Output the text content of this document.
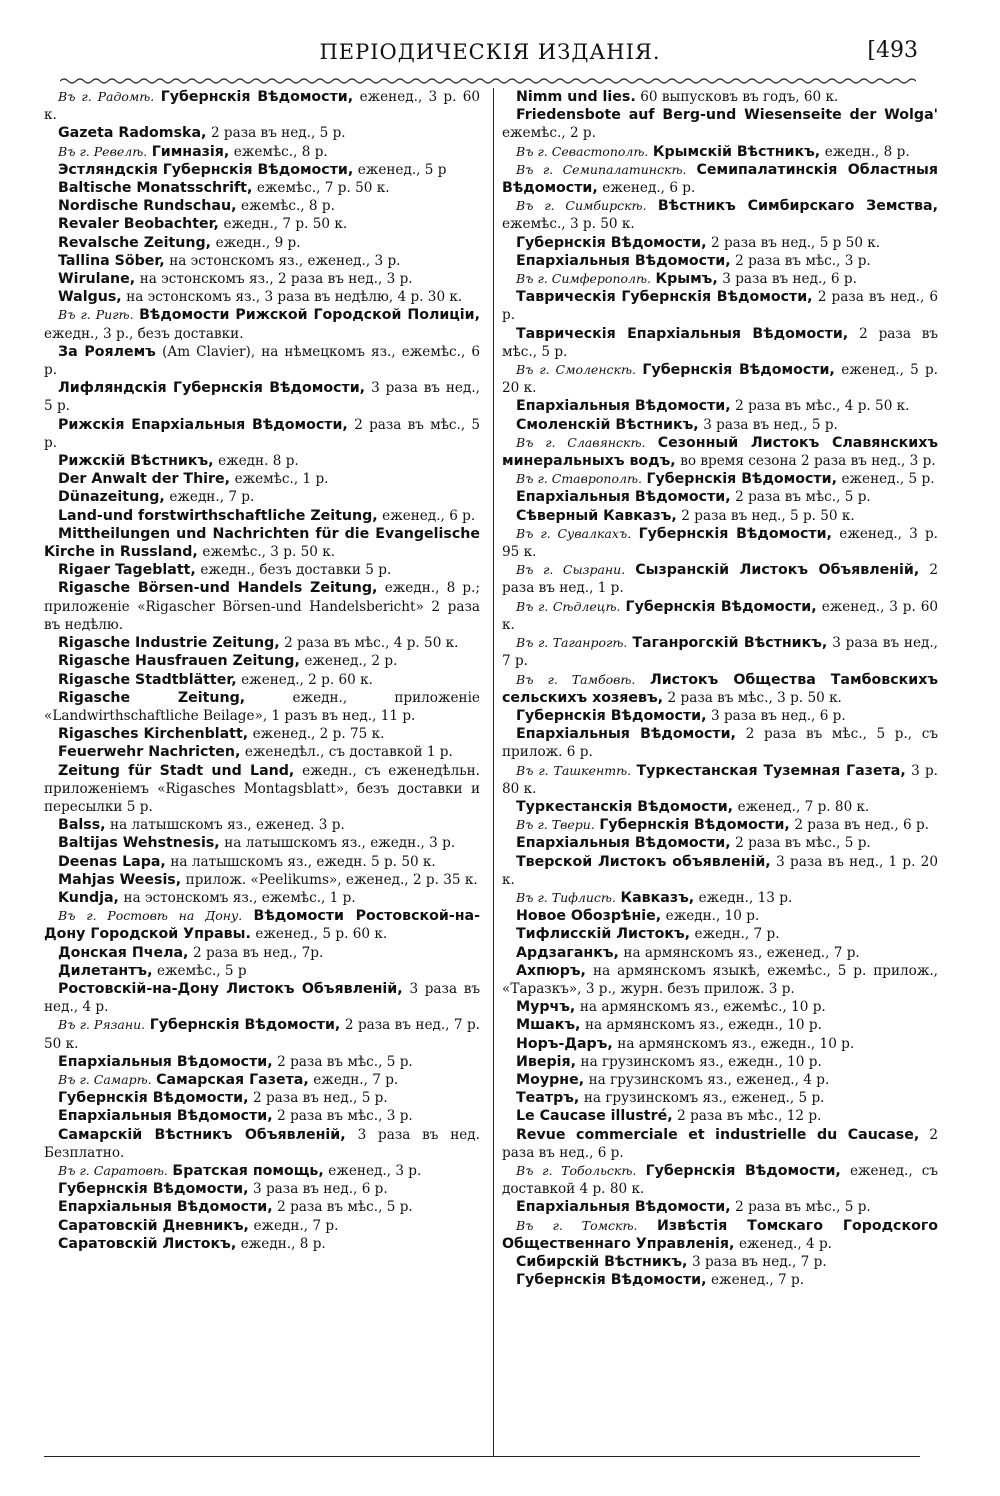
ПЕРІОДИЧЕСКІЯ ИЗДАНІЯ.	[493

Въ г. Радомѣ. Губернскія Вѣдомости, еженед., 3 р. 60 к.

Gazeta Radomska, 2 раза въ нед., 5 р.

Въ г. Ревелѣ. Гимназія, ежемѣс., 8 р.

Эстляндскія Губернскія Вѣдомости, еженед., 5 р

Baltische Monatsschrift, ежемѣс., 7 р. 50 к.

Nordische Rundschau, ежемѣс., 8 р.

Revaler Beobachter, ежедн., 7 р. 50 к.

Revalsche Zeitung, ежедн., 9 р.

Tallina Söber, на эстонскомъ яз., еженед., 3 р.

Wirulane, на эстонскомъ яз., 2 раза въ нед., 3 р.

Walgus, на эстонскомъ яз., 3 раза въ недѣлю, 4 р. 30 к.

Въ г. Ригѣ. Вѣдомости Рижской Городской Полиціи, ежедн., 3 р., безъ доставки.

За Роялемъ (Am Clavier), на нѣмецкомъ яз., ежемѣс., 6 р.

Лифляндскія Губернскія Вѣдомости, 3 раза въ нед., 5 р.

Рижскія Епархіальныя Вѣдомости, 2 раза въ мѣс., 5 р.

Рижскій Вѣстникъ, ежедн. 8 р.

Der Anwalt der Thire, ежемѣс., 1 р.

Dünazeitung, ежедн., 7 р.

Land-und forstwirthschaftliche Zeitung, еженед., 6 р.

Mittheilungen und Nachrichten für die Evangelische Kirche in Russland, ежемѣс., 3 р. 50 к.

Rigaer Tageblatt, ежедн., безъ доставки 5 р.

Rigasche Börsen-und Handels Zeitung, ежедн., 8 р.; приложеніе «Rigascher Börsen-und Handelsbericht» 2 раза въ недѣлю.

Rigasche Industrie Zeitung, 2 раза въ мѣс., 4 р. 50 к.

Rigasche Hausfrauen Zeitung, еженед., 2 р.

Rigasche Stadtblätter, еженед., 2 р. 60 к.

Rigasche Zeitung,	ежедн., приложеніе «Landwirthschaftliche Beilage», 1 разъ въ нед., 11 р.

Rigasches Kirchenblatt, еженед., 2 р. 75 к.

Feuerwehr Nachricten, еженедѣл., съ доставкой 1 р.

Zeitung für Stadt und Land, ежедн., съ еженедѣльн. приложеніемъ «Rigasches Montagsblatt», безъ доставки и пересылки 5 р.

Balss, на латышскомъ яз., еженед. 3 р.

Baltijas Wehstnesis, на латышскомъ яз., ежедн., 3 р.

Deenas Lapa, на латышскомъ яз., ежедн. 5 р. 50 к.

Mahjas Weesis, прилож. «Peelikums», еженед., 2 р. 35 к.

Kundja, на эстонскомъ яз., ежемѣс., 1 р.

Въ г. Ростовѣ на Дону. Вѣдомости Ростовской-на-Дону Городской Управы. еженед., 5 р. 60 к.

Донская Пчела, 2 раза въ нед., 7р.

Дилетантъ, ежемѣс., 5 р

Ростовскій-на-Дону Листокъ Объявленій, 3 раза въ нед., 4 р.

Въ г. Рязани. Губернскія Вѣдомости, 2 раза въ нед., 7 р. 50 к.

Епархіальныя Вѣдомости, 2 раза въ мѣс., 5 р.

Въ г. Самарѣ. Самарская Газета, ежедн., 7 р.

Губернскія Вѣдомости, 2 раза въ нед., 5 р.

Епархіальныя Вѣдомости, 2 раза въ мѣс., 3 р.

Самарскій Вѣстникъ Объявленій, 3 раза въ нед. Безплатно.

Въ г. Саратовѣ. Братская помощь, еженед., 3 р.

Губернскія Вѣдомости, 3 раза въ нед., 6 р.

Епархіальныя Вѣдомости, 2 раза въ мѣс., 5 р.

Саратовскій Дневникъ, ежедн., 7 р.

Саратовскій Листокъ, ежедн., 8 р.

Nimm und lies. 60 выпусковъ въ годъ, 60 к.

Friedensbote auf Berg-und Wiesenseite der Wolga' ежемѣс., 2 р.

Въ г. Севастополѣ. Крымскій Вѣстникъ, ежедн., 8 р.

Въ г. Семипалатинскѣ. Семипалатинскія Областныя Вѣдомости, еженед., 6 р.

Въ г. Симбирскѣ. Вѣстникъ Симбирскаго Земства, ежемѣс., 3 р. 50 к.

Губернскія Вѣдомости, 2 раза въ нед., 5 р 50 к.

Епархіальныя Вѣдомости, 2 раза въ мѣс., 3 р.

Въ г. Симферополѣ. Крымъ, 3 раза въ нед., 6 р.

Таврическія Губернскія Вѣдомости, 2 раза въ нед., 6 р.

Таврическія Епархіальныя Вѣдомости, 2 раза въ мѣс., 5 р.

Въ г. Смоленскѣ. Губернскія Вѣдомости, еженед., 5 р. 20 к.

Епархіальныя Вѣдомости, 2 раза въ мѣс., 4 р. 50 к.

Смоленскій Вѣстникъ, 3 раза въ нед., 5 р.

Въ г. Славянскѣ. Сезонный Листокъ Славянскихъ минеральныхъ водъ, во время сезона 2 раза въ нед., 3 р.

Въ г. Ставрополѣ. Губернскія Вѣдомости, еженед., 5 р.

Епархіальныя Вѣдомости, 2 раза въ мѣс., 5 р.

Сѣверный Кавказъ, 2 раза въ нед., 5 р. 50 к.

Въ г. Сувалкахъ. Губернскія Вѣдомости, еженед., 3 р. 95 к.

Въ г. Сызрани. Сызранскій Листокъ Объявленій, 2 раза въ нед., 1 р.

Въ г. Сѣдлецѣ. Губернскія Вѣдомости, еженед., 3 р. 60 к.

Въ г. Таганрогѣ. Таганрогскій Вѣстникъ, 3 раза въ нед., 7 р.

Въ г. Тамбовѣ. Листокъ Общества Тамбовскихъ сельскихъ хозяевъ, 2 раза въ мѣс., 3 р. 50 к.

Губернскія Вѣдомости, 3 раза въ нед., 6 р.

Епархіальныя Вѣдомости, 2 раза въ мѣс., 5 р., съ прилож. 6 р.

Въ г. Ташкентѣ. Туркестанская Туземная Газета, 3 р. 80 к.

Туркестанскія Вѣдомости, еженед., 7 р. 80 к.

Въ г. Твери. Губернскія Вѣдомости, 2 раза въ нед., 6 р.

Епархіальныя Вѣдомости, 2 раза въ мѣс., 5 р.

Тверской Листокъ объявленій, 3 раза въ нед., 1 р. 20 к.

Въ г. Тифлисѣ. Кавказъ, ежедн., 13 р.

Новое Обозрѣніе, ежедн., 10 р.

Тифлисскій Листокъ, ежедн., 7 р.

Ардзаганкъ, на армянскомъ яз., еженед., 7 р.

Ахпюръ, на армянскомъ языкѣ, ежемѣс., 5 р. прилож., «Таразкъ», 3 р., журн. безъ прилож. 3 р.

Мурчъ, на армянскомъ яз., ежемѣс., 10 р.

Мшакъ, на армянскомъ яз., ежедн., 10 р.

Норъ-Даръ, на армянскомъ яз., ежедн., 10 р.

Иверія, на грузинскомъ яз., ежедн., 10 р.

Моурне, на грузинскомъ яз., еженед., 4 р.

Театръ, на грузинскомъ яз., еженед., 5 р.

Le Caucase illustré, 2 раза въ мѣс., 12 р.

Revue commerciale et industrielle du Caucase, 2 раза въ нед., 6 р.

Въ г. Тобольскѣ. Губернскія Вѣдомости, еженед., съ доставкой 4 р. 80 к.

Епархіальныя Вѣдомости, 2 раза въ мѣс., 5 р.

Въ г. Томскѣ. Извѣстія Томскаго Городского Общественнаго Управленія, еженед., 4 р.

Сибирскій Вѣстникъ, 3 раза въ нед., 7 р.

Губернскія Вѣдомости, еженед., 7 р.
